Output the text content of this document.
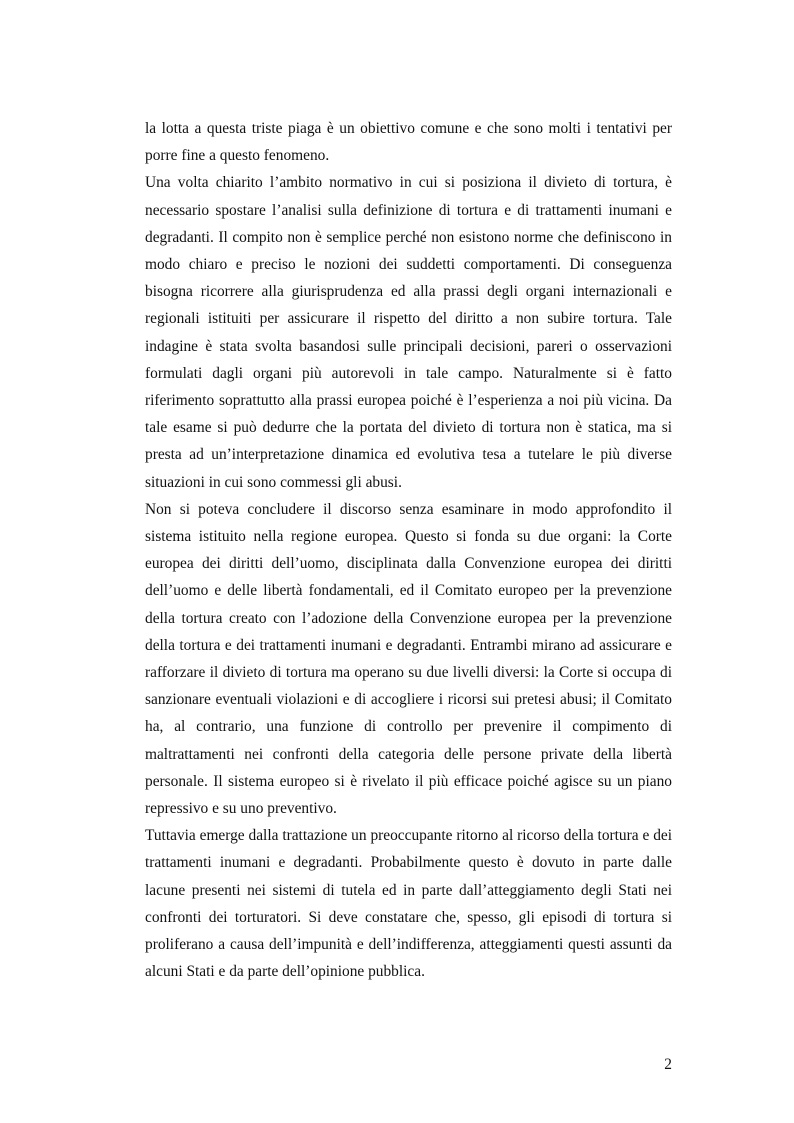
la lotta a questa triste piaga è un obiettivo comune e che sono molti i tentativi per porre fine a questo fenomeno.

Una volta chiarito l’ambito normativo in cui si posiziona il divieto di tortura, è necessario spostare l’analisi sulla definizione di tortura e di trattamenti inumani e degradanti. Il compito non è semplice perché non esistono norme che definiscono in modo chiaro e preciso le nozioni dei suddetti comportamenti. Di conseguenza bisogna ricorrere alla giurisprudenza ed alla prassi degli organi internazionali e regionali istituiti per assicurare il rispetto del diritto a non subire tortura. Tale indagine è stata svolta basandosi sulle principali decisioni, pareri o osservazioni formulati dagli organi più autorevoli in tale campo. Naturalmente si è fatto riferimento soprattutto alla prassi europea poiché è l’esperienza a noi più vicina. Da tale esame si può dedurre che la portata del divieto di tortura non è statica, ma si presta ad un’interpretazione dinamica ed evolutiva tesa a tutelare le più diverse situazioni in cui sono commessi gli abusi.

Non si poteva concludere il discorso senza esaminare in modo approfondito il sistema istituito nella regione europea. Questo si fonda su due organi: la Corte europea dei diritti dell’uomo, disciplinata dalla Convenzione europea dei diritti dell’uomo e delle libertà fondamentali, ed il Comitato europeo per la prevenzione della tortura creato con l’adozione della Convenzione europea per la prevenzione della tortura e dei trattamenti inumani e degradanti. Entrambi mirano ad assicurare e rafforzare il divieto di tortura ma operano su due livelli diversi: la Corte si occupa di sanzionare eventuali violazioni e di accogliere i ricorsi sui pretesi abusi; il Comitato ha, al contrario, una funzione di controllo per prevenire il compimento di maltrattamenti nei confronti della categoria delle persone private della libertà personale. Il sistema europeo si è rivelato il più efficace poiché agisce su un piano repressivo e su uno preventivo.

Tuttavia emerge dalla trattazione un preoccupante ritorno al ricorso della tortura e dei trattamenti inumani e degradanti. Probabilmente questo è dovuto in parte dalle lacune presenti nei sistemi di tutela ed in parte dall’atteggiamento degli Stati nei confronti dei torturatori. Si deve constatare che, spesso, gli episodi di tortura si proliferano a causa dell’impunità e dell’indifferenza, atteggiamenti questi assunti da alcuni Stati e da parte dell’opinione pubblica.

2
